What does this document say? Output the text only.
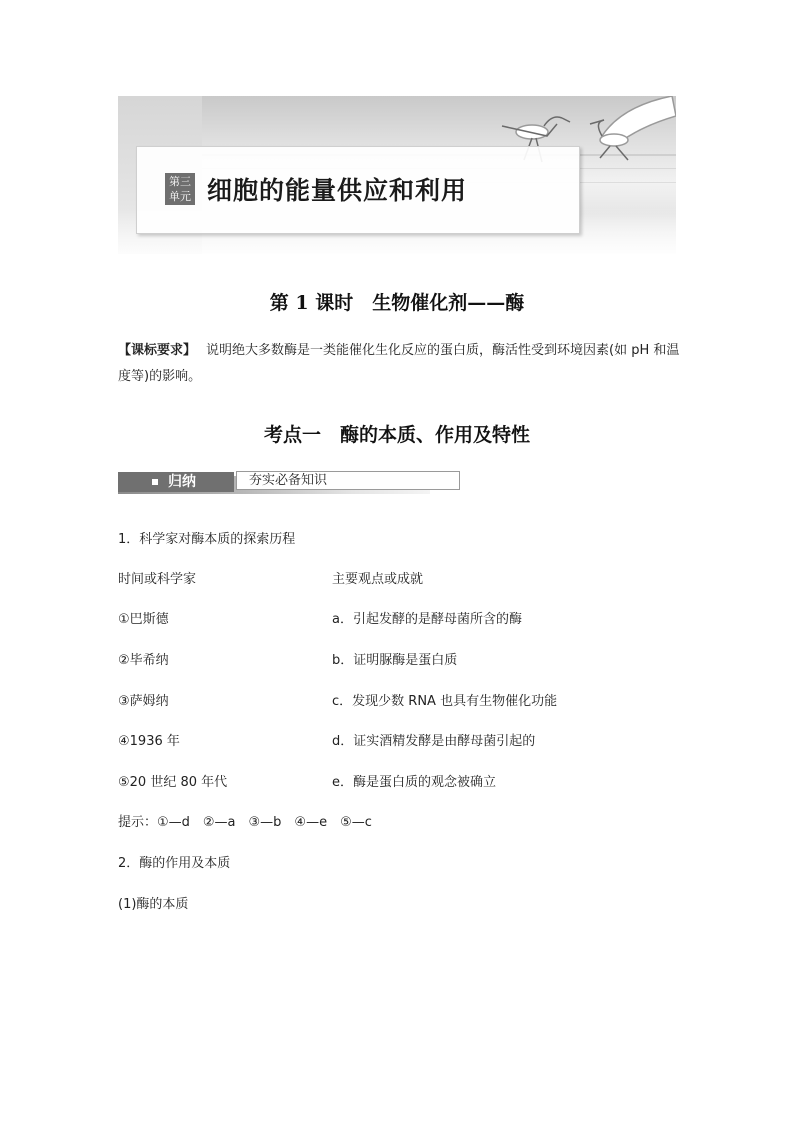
第三
单元 细胞的能量供应和利用
第 1 课时　生物催化剂——酶
【课标要求】 说明绝大多数酶是一类能催化生化反应的蛋白质，酶活性受到环境因素(如 pH 和温度等)的影响。
考点一　酶的本质、作用及特性
归纳	夯实必备知识
1．科学家对酶本质的探索历程
时间或科学家	主要观点或成就
①巴斯德	a．引起发酵的是酵母菌所含的酶
②毕希纳	b．证明脲酶是蛋白质
③萨姆纳	c．发现少数 RNA 也具有生物催化功能
④1936 年	d．证实酒精发酵是由酵母菌引起的
⑤20 世纪 80 年代	e．酶是蛋白质的观念被确立
提示：①—d　②—a　③—b　④—e　⑤—c
2．酶的作用及本质
(1)酶的本质
